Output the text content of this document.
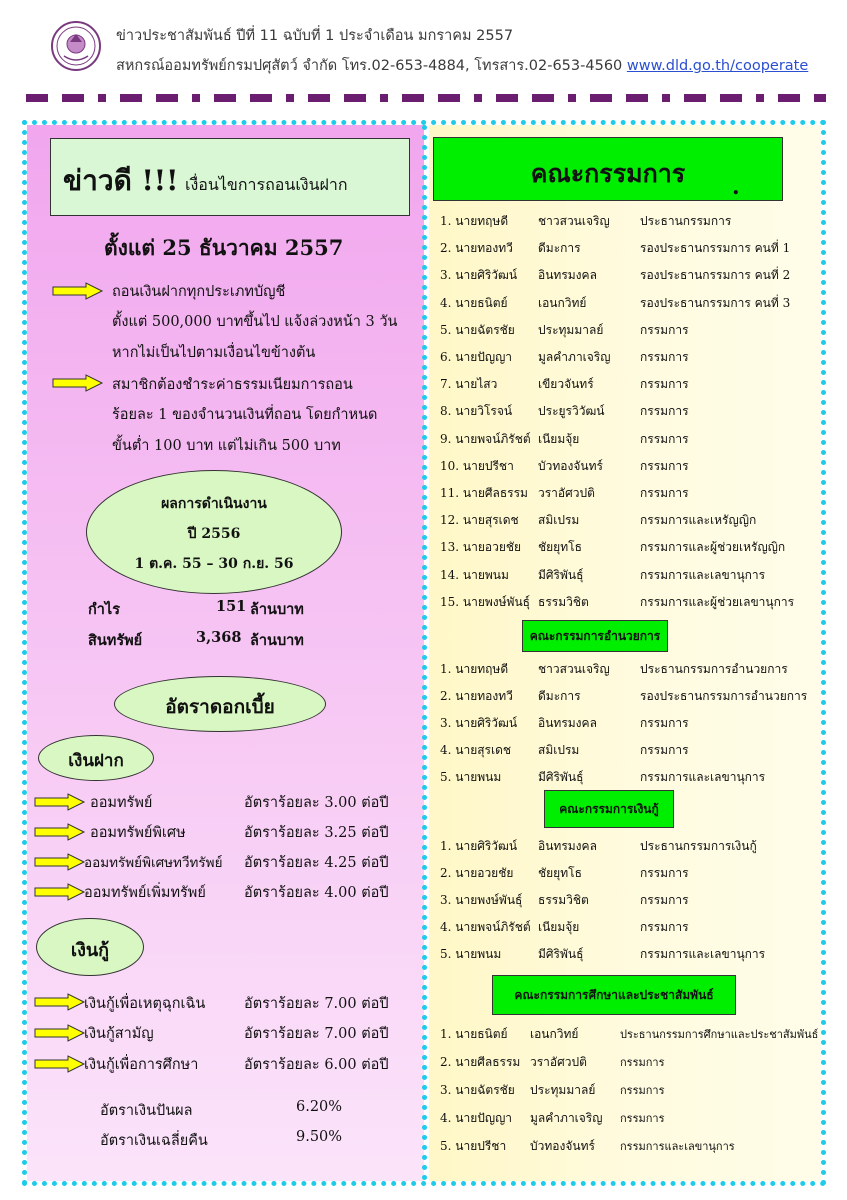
ข่าวประชาสัมพันธ์ ปีที่ 11 ฉบับที่ 1 ประจำเดือน มกราคม 2557
สหกรณ์ออมทรัพย์กรมปศุสัตว์ จำกัด โทร.02-653-4884, โทรสาร.02-653-4560 www.dld.go.th/cooperate
ข่าวดี !!! เงื่อนไขการถอนเงินฝาก
ตั้งแต่ 25 ธันวาคม 2557
ถอนเงินฝากทุกประเภทบัญชี
ตั้งแต่ 500,000 บาทขึ้นไป แจ้งล่วงหน้า 3 วัน
หากไม่เป็นไปตามเงื่อนไขข้างต้น
สมาชิกต้องชำระค่าธรรมเนียมการถอน
ร้อยละ 1 ของจำนวนเงินที่ถอน โดยกำหนด
ขั้นต่ำ 100 บาท แต่ไม่เกิน 500 บาท
ผลการดำเนินงาน
ปี 2556
1 ต.ค. 55 – 30 ก.ย. 56
กำไร	151 ล้านบาท
สินทรัพย์	3,368 ล้านบาท
อัตราดอกเบี้ย
เงินฝาก
ออมทรัพย์	อัตราร้อยละ 3.00 ต่อปี
ออมทรัพย์พิเศษ	อัตราร้อยละ 3.25 ต่อปี
ออมทรัพย์พิเศษทวีทรัพย์ อัตราร้อยละ 4.25 ต่อปี
ออมทรัพย์เพิ่มทรัพย์	อัตราร้อยละ 4.00 ต่อปี
เงินกู้
เงินกู้เพื่อเหตุฉุกเฉิน	อัตราร้อยละ 7.00 ต่อปี
เงินกู้สามัญ	อัตราร้อยละ 7.00 ต่อปี
เงินกู้เพื่อการศึกษา	อัตราร้อยละ 6.00 ต่อปี
อัตราเงินปันผล	6.20%
อัตราเงินเฉลี่ยคืน	9.50%
คณะกรรมการ	.
1. นายทฤษดี ชาวสวนเจริญ	ประธานกรรมการ
2. นายทองทวี ดีมะการ	รองประธานกรรมการ คนที่ 1
3. นายศิริวัฒน์ อินทรมงคล	รองประธานกรรมการ คนที่ 2
4. นายธนิตย์	เอนกวิทย์	รองประธานกรรมการ คนที่ 3
5. นายฉัตรชัย ประทุมมาลย์	กรรมการ
6. นายปัญญา มูลคำภาเจริญ กรรมการ
7. นายไสว	เขียวจันทร์	กรรมการ
8. นายวิโรจน์ ประยูรวิวัฒน์	กรรมการ
9. นายพจน์ภิรัชต์ เนียมจุ้ย	กรรมการ
10. นายปรีชา บัวทองจันทร์	กรรมการ
11. นายศีลธรรม วราอัศวปติ	กรรมการ
12. นายสุรเดช สมิเปรม	กรรมการและเหรัญญิก
13. นายอวยชัย ชัยยุทโธ	กรรมการและผู้ช่วยเหรัญญิก
14. นายพนม มีศิริพันธุ์	กรรมการและเลขานุการ
15. นายพงษ์พันธุ์ ธรรมวิชิต	กรรมการและผู้ช่วยเลขานุการ
คณะกรรมการอำนวยการ
1. นายทฤษดี ชาวสวนเจริญ	ประธานกรรมการอำนวยการ
2. นายทองทวี ดีมะการ	รองประธานกรรมการอำนวยการ
3. นายศิริวัฒน์ อินทรมงคล	กรรมการ
4. นายสุรเดช สมิเปรม	กรรมการ
5. นายพนม	มีศิริพันธุ์	กรรมการและเลขานุการ
คณะกรรมการเงินกู้
1. นายศิริวัฒน์ อินทรมงคล	ประธานกรรมการเงินกู้
2. นายอวยชัย ชัยยุทโธ	กรรมการ
3. นายพงษ์พันธุ์ ธรรมวิชิต	กรรมการ
4. นายพจน์ภิรัชต์ เนียมจุ้ย	กรรมการ
5. นายพนม	มีศิริพันธุ์	กรรมการและเลขานุการ
คณะกรรมการศึกษาและประชาสัมพันธ์
1. นายธนิตย์ เอนกวิทย์	ประธานกรรมการศึกษาและประชาสัมพันธ์
2. นายศีลธรรม วราอัศวปติ	กรรมการ
3. นายฉัตรชัย ประทุมมาลย์ กรรมการ
4. นายปัญญา มูลคำภาเจริญ กรรมการ
5. นายปรีชา บัวทองจันทร์ กรรมการและเลขานุการ
